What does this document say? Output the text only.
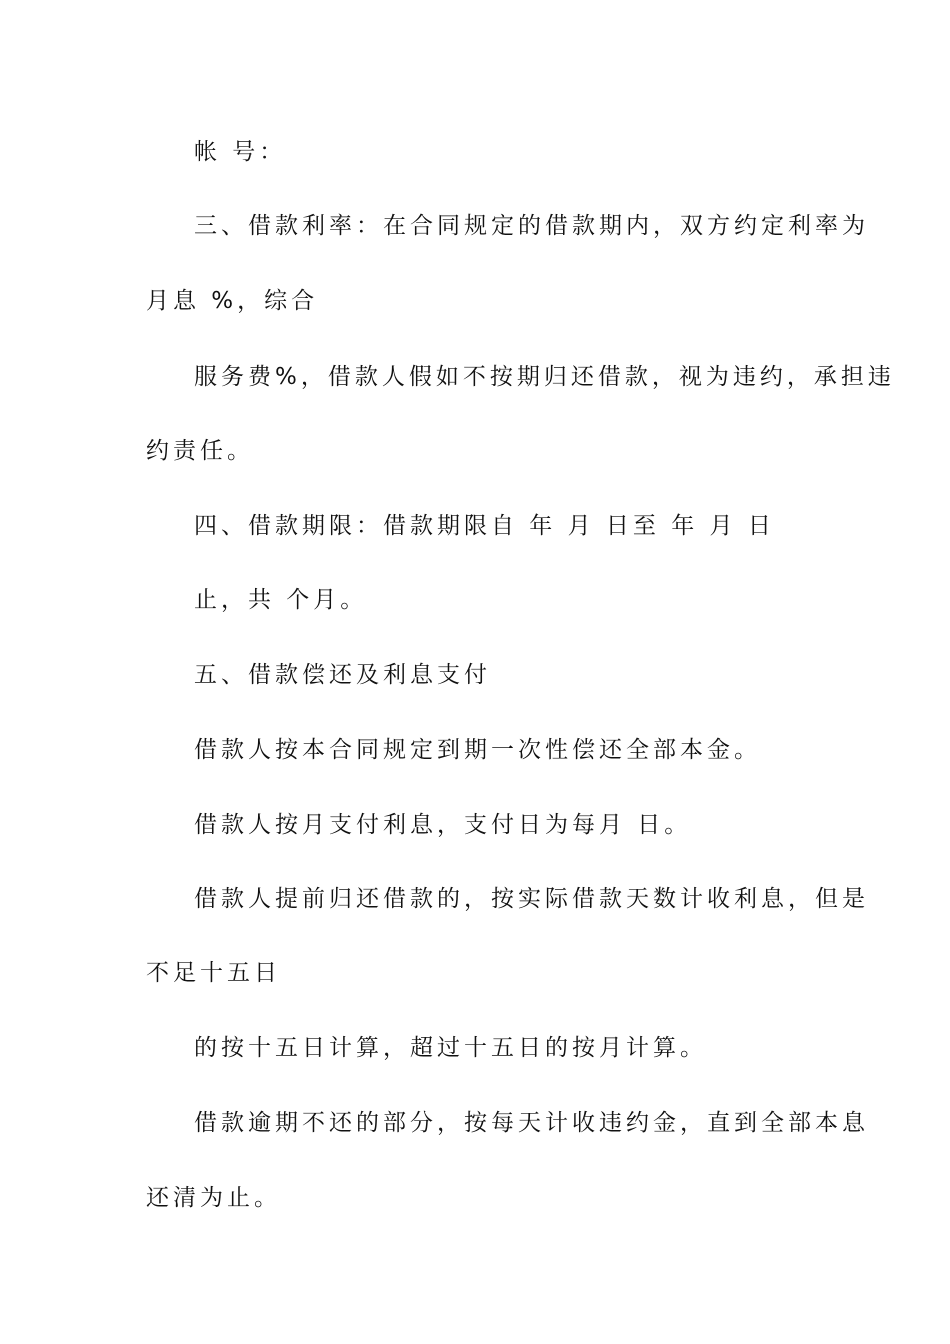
帐 号：
三、借款利率：在合同规定的借款期内，双方约定利率为
月息 %，综合
服务费%，借款人假如不按期归还借款，视为违约，承担违
约责任。
四、借款期限：借款期限自 年 月 日至 年 月 日
止，共 个月。
五、借款偿还及利息支付
借款人按本合同规定到期一次性偿还全部本金。
借款人按月支付利息，支付日为每月 日。
借款人提前归还借款的，按实际借款天数计收利息，但是
不足十五日
的按十五日计算，超过十五日的按月计算。
借款逾期不还的部分，按每天计收违约金，直到全部本息
还清为止。
